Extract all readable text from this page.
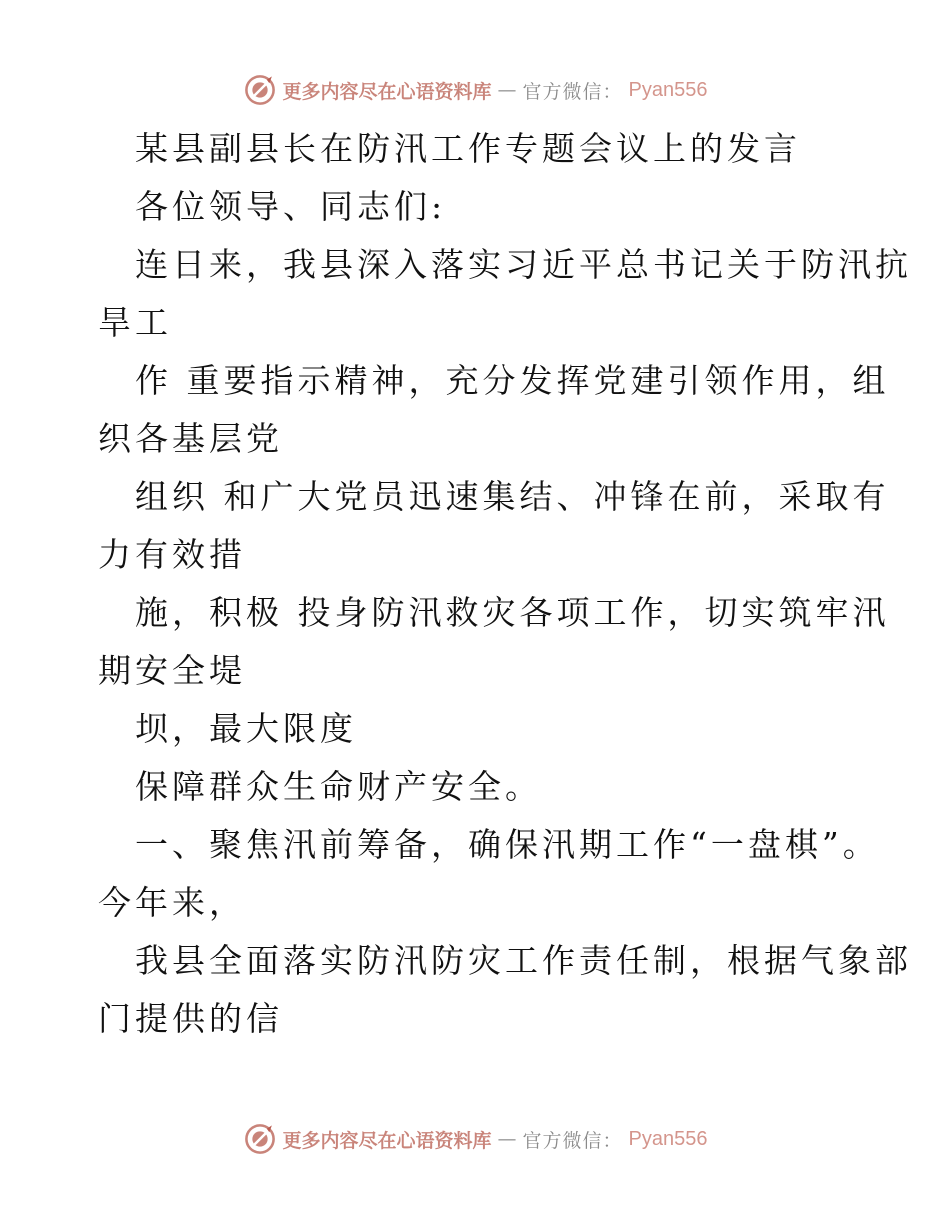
更多内容尽在心语资料库 — 官方微信： Pyan556
某县副县长在防汛工作专题会议上的发言
各位领导、同志们:
连日来，我县深入落实习近平总书记关于防汛抗
旱工
作 重要指示精神，充分发挥党建引领作用，组
织各基层党
组织 和广大党员迅速集结、冲锋在前，采取有
力有效措
施，积极 投身防汛救灾各项工作，切实筑牢汛
期安全堤
坝，最大限度
保障群众生命财产安全。
一、聚焦汛前筹备，确保汛期工作“一盘棋”。
今年来，
我县全面落实防汛防灾工作责任制，根据气象部
门提供的信
更多内容尽在心语资料库 — 官方微信： Pyan556
